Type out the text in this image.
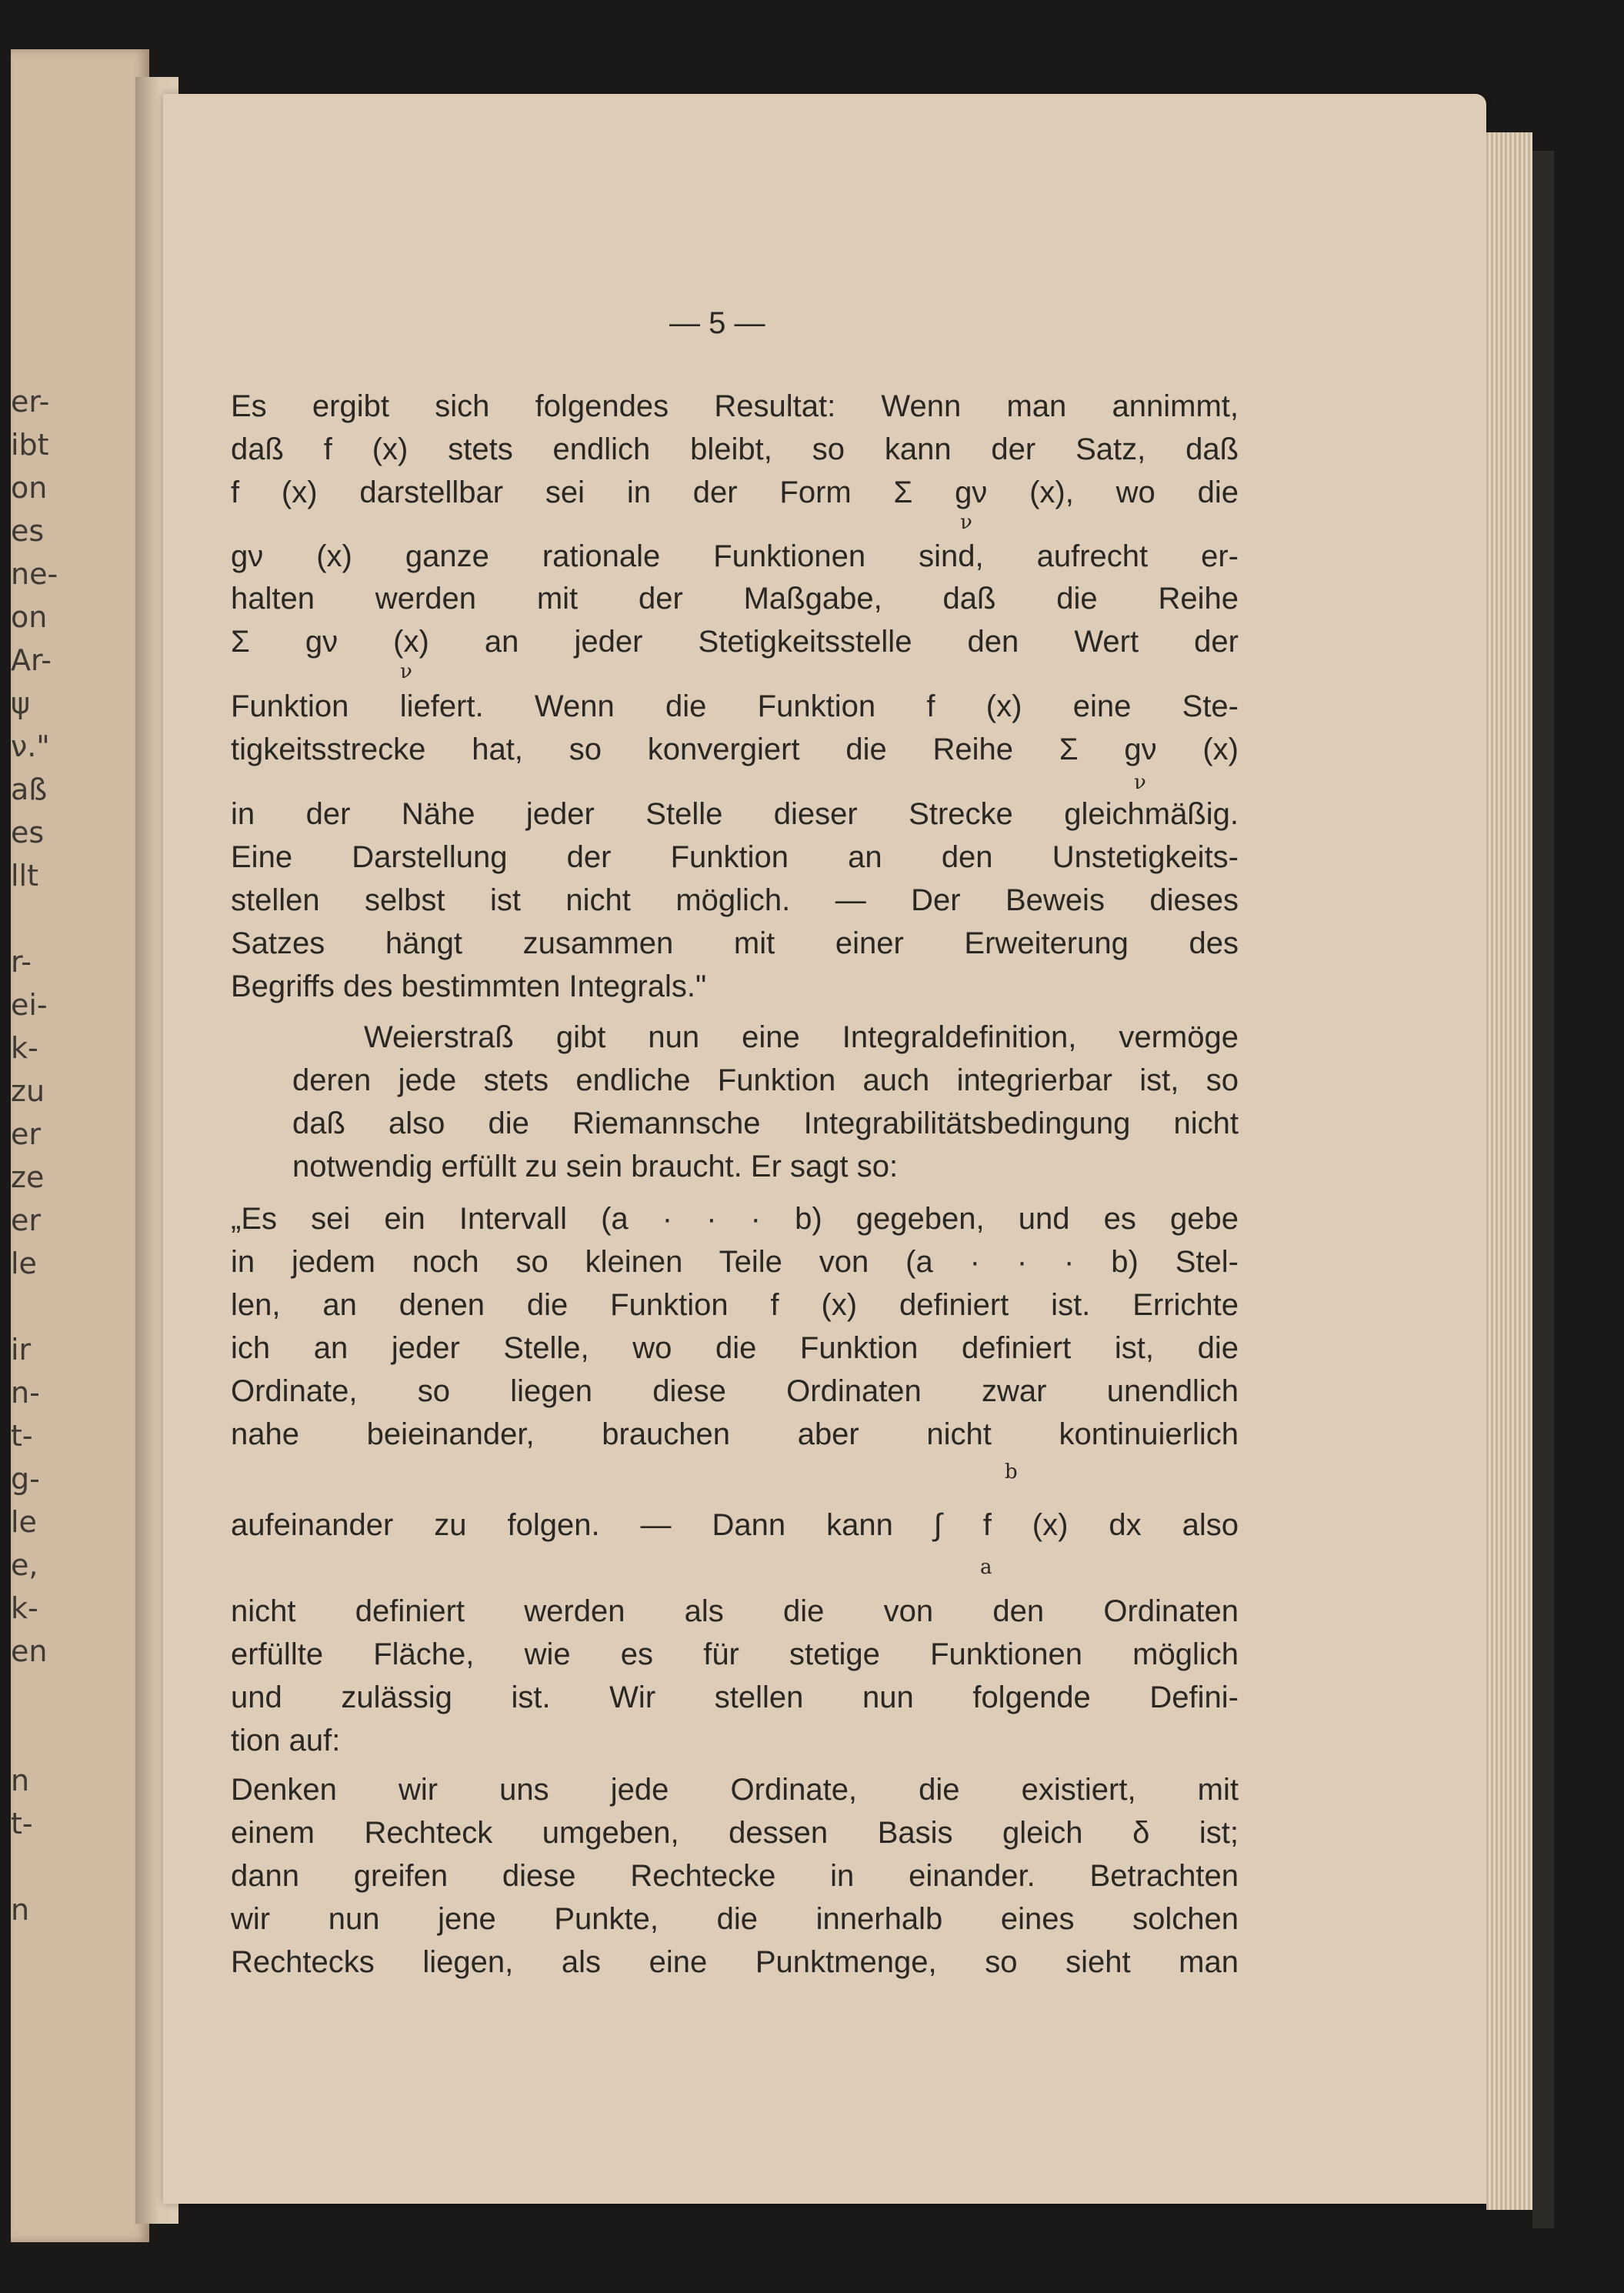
er-
ibt
on
es
ne-
on
Ar-
ψ
ν."
aß
es
llt

r-
ei-
k-
zu
er
ze
er
le

ir
n-
t-
g-
le
e,
k-
en

n
t-

n
— 5 —
Es ergibt sich folgendes Resultat: Wenn man annimmt,
daß f (x) stets endlich bleibt, so kann der Satz, daß
f (x) darstellbar sei in der Form Σ gν (x), wo die
gν (x) ganze rationale Funktionen sind, aufrecht er-
halten werden mit der Maßgabe, daß die Reihe
Σ gν (x) an jeder Stetigkeitsstelle den Wert der
Funktion liefert. Wenn die Funktion f (x) eine Ste-
tigkeitsstrecke hat, so konvergiert die Reihe Σ gν (x)
in der Nähe jeder Stelle dieser Strecke gleichmäßig.
Eine Darstellung der Funktion an den Unstetigkeits-
stellen selbst ist nicht möglich. — Der Beweis dieses
Satzes hängt zusammen mit einer Erweiterung des
Begriffs des bestimmten Integrals."
Weierstraß gibt nun eine Integraldefinition, vermöge
deren jede stets endliche Funktion auch integrierbar ist, so
daß also die Riemannsche Integrabilitätsbedingung nicht
notwendig erfüllt zu sein braucht. Er sagt so:
„Es sei ein Intervall (a · · · b) gegeben, und es gebe
in jedem noch so kleinen Teile von (a · · · b) Stel-
len, an denen die Funktion f (x) definiert ist. Errichte
ich an jeder Stelle, wo die Funktion definiert ist, die
Ordinate, so liegen diese Ordinaten zwar unendlich
nahe beieinander, brauchen aber nicht kontinuierlich
aufeinander zu folgen. — Dann kann ∫ f (x) dx also
nicht definiert werden als die von den Ordinaten
erfüllte Fläche, wie es für stetige Funktionen möglich
und zulässig ist. Wir stellen nun folgende Defini-
tion auf:
Denken wir uns jede Ordinate, die existiert, mit
einem Rechteck umgeben, dessen Basis gleich δ ist;
dann greifen diese Rechtecke in einander. Betrachten
wir nun jene Punkte, die innerhalb eines solchen
Rechtecks liegen, als eine Punktmenge, so sieht man
ν
ν
ν
b
a
